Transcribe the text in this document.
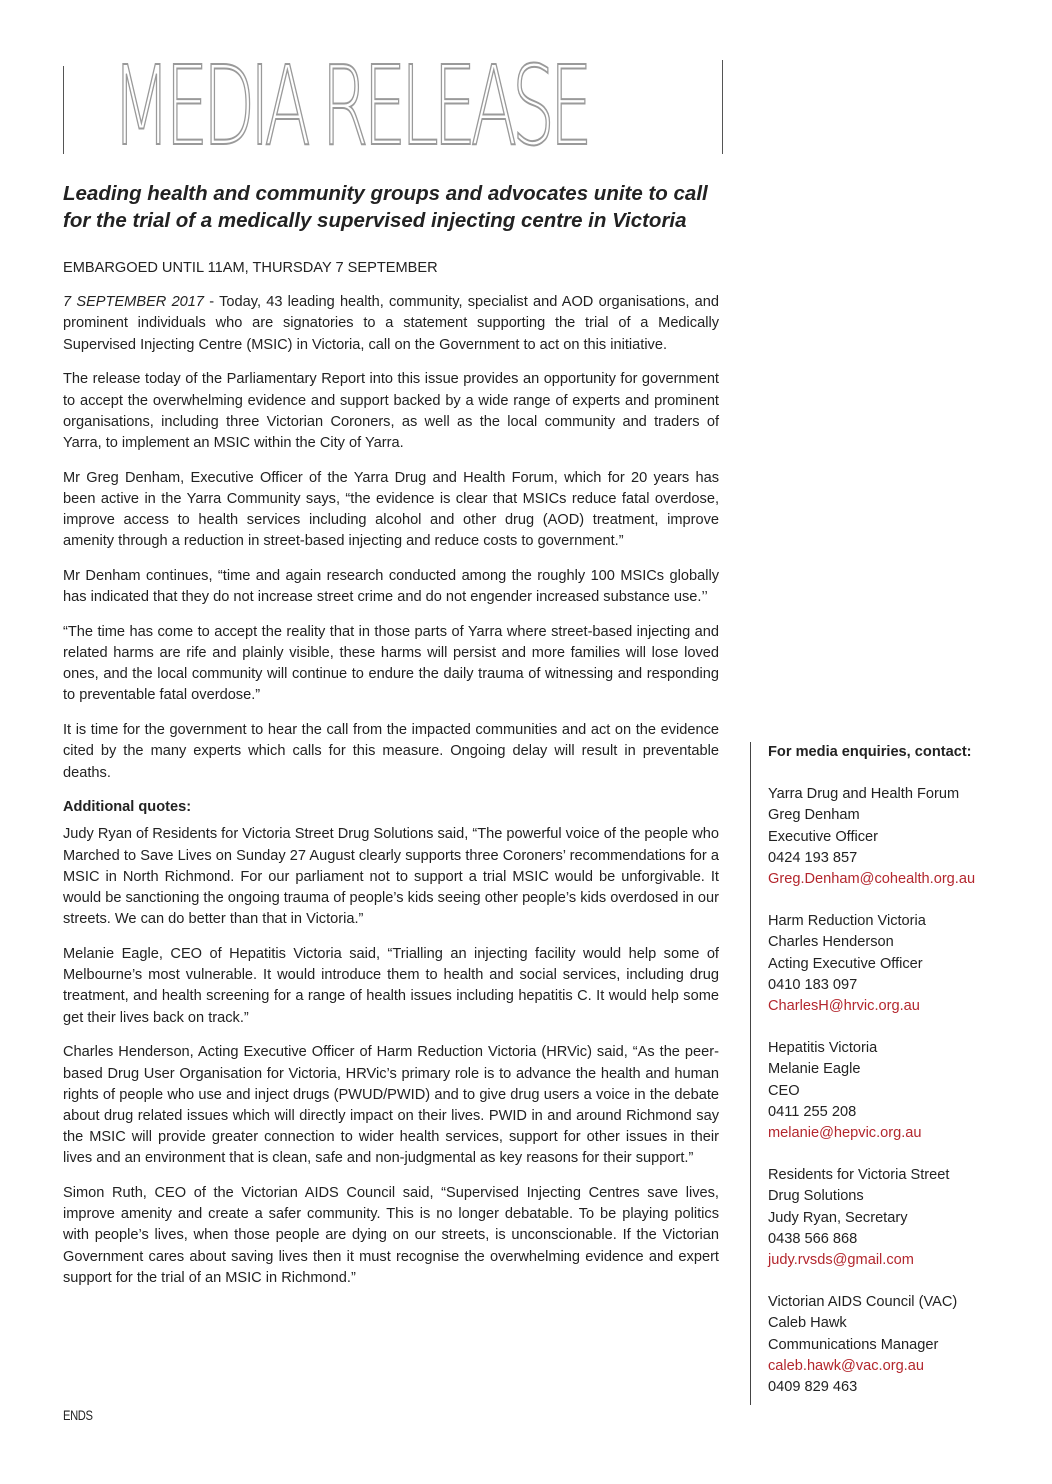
MEDIA RELEASE
Leading health and community groups and advocates unite to call for the trial of a medically supervised injecting centre in Victoria

EMBARGOED UNTIL 11AM, THURSDAY 7 SEPTEMBER

7 SEPTEMBER 2017 - Today, 43 leading health, community, specialist and AOD organisations, and prominent individuals who are signatories to a statement supporting the trial of a Medically Supervised Injecting Centre (MSIC) in Victoria, call on the Government to act on this initiative.

The release today of the Parliamentary Report into this issue provides an opportunity for government to accept the overwhelming evidence and support backed by a wide range of experts and prominent organisations, including three Victorian Coroners, as well as the local community and traders of Yarra, to implement an MSIC within the City of Yarra.

Mr Greg Denham, Executive Officer of the Yarra Drug and Health Forum, which for 20 years has been active in the Yarra Community says, “the evidence is clear that MSICs reduce fatal overdose, improve access to health services including alcohol and other drug (AOD) treatment, improve amenity through a reduction in street-based injecting and reduce costs to government.”

Mr Denham continues, “time and again research conducted among the roughly 100 MSICs globally has indicated that they do not increase street crime and do not engender increased substance use.’’

“The time has come to accept the reality that in those parts of Yarra where street-based injecting and related harms are rife and plainly visible, these harms will persist and more families will lose loved ones, and the local community will continue to endure the daily trauma of witnessing and responding to preventable fatal overdose.”

It is time for the government to hear the call from the impacted communities and act on the evidence cited by the many experts which calls for this measure. Ongoing delay will result in preventable deaths.

Additional quotes:

Judy Ryan of Residents for Victoria Street Drug Solutions said, “The powerful voice of the people who Marched to Save Lives on Sunday 27 August clearly supports three Coroners’ recommendations for a MSIC in North Richmond. For our parliament not to support a trial MSIC would be unforgivable. It would be sanctioning the ongoing trauma of people’s kids seeing other people’s kids overdosed in our streets. We can do better than that in Victoria.”

Melanie Eagle, CEO of Hepatitis Victoria said, “Trialling an injecting facility would help some of Melbourne’s most vulnerable. It would introduce them to health and social services, including drug treatment, and health screening for a range of health issues including hepatitis C. It would help some get their lives back on track.”

Charles Henderson, Acting Executive Officer of Harm Reduction Victoria (HRVic) said, “As the peer-based Drug User Organisation for Victoria, HRVic’s primary role is to advance the health and human rights of people who use and inject drugs (PWUD/PWID) and to give drug users a voice in the debate about drug related issues which will directly impact on their lives. PWID in and around Richmond say the MSIC will provide greater connection to wider health services, support for other issues in their lives and an environment that is clean, safe and non-judgmental as key reasons for their support.”

Simon Ruth, CEO of the Victorian AIDS Council said, “Supervised Injecting Centres save lives, improve amenity and create a safer community. This is no longer debatable. To be playing politics with people’s lives, when those people are dying on our streets, is unconscionable. If the Victorian Government cares about saving lives then it must recognise the overwhelming evidence and expert support for the trial of an MSIC in Richmond.”

ENDS
For media enquiries, contact:
Yarra Drug and Health Forum
Greg Denham
Executive Officer
0424 193 857
Greg.Denham@cohealth.org.au
Harm Reduction Victoria
Charles Henderson
Acting Executive Officer
0410 183 097
CharlesH@hrvic.org.au
Hepatitis Victoria
Melanie Eagle
CEO
0411 255 208
melanie@hepvic.org.au
Residents for Victoria Street
Drug Solutions
Judy Ryan, Secretary
0438 566 868
judy.rvsds@gmail.com
Victorian AIDS Council (VAC)
Caleb Hawk
Communications Manager
caleb.hawk@vac.org.au
0409 829 463
